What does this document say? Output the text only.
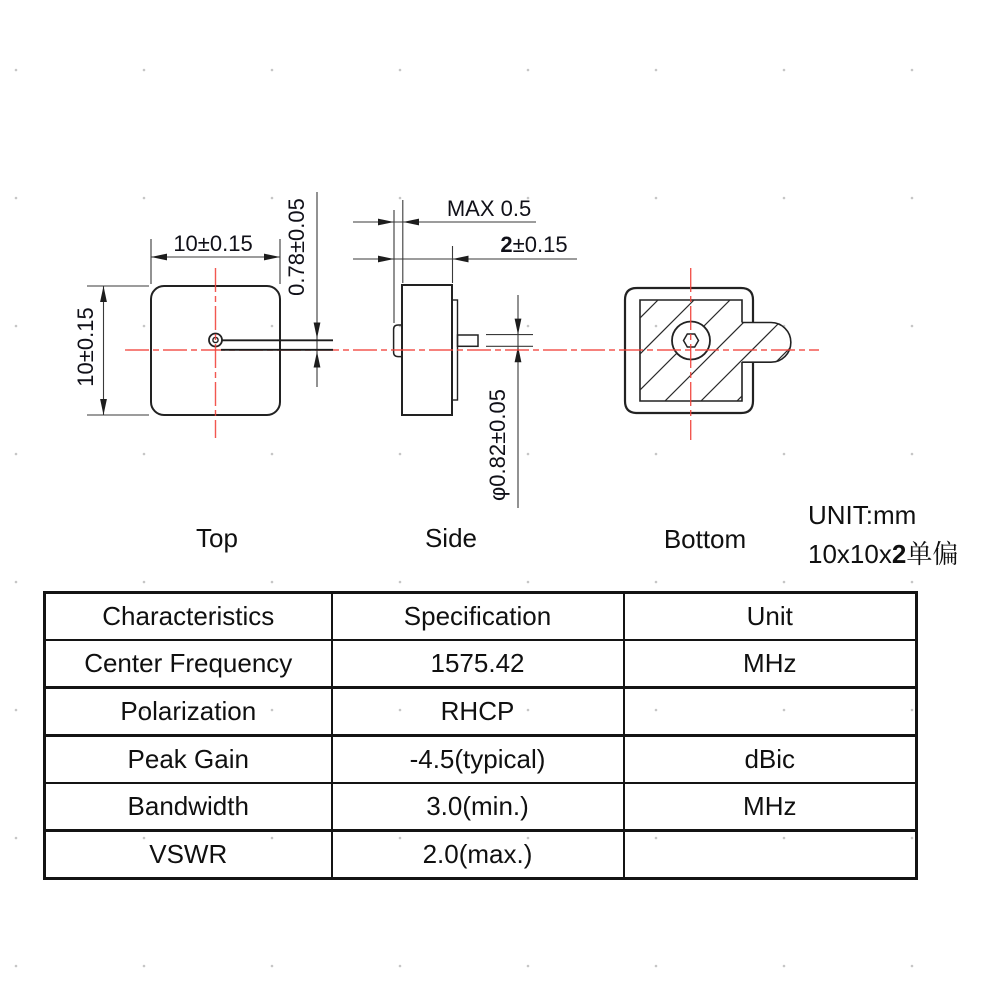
10±0.15
10±0.15
0.78±0.05	MAX 0.5
2±0.15
φ0.82±0.05
Top	Side	Bottom
UNIT:mm
10x10x2单偏
Characteristics	Specification	Unit
Center Frequency	1575.42	MHz
Polarization	RHCP	
Peak Gain	-4.5(typical)	dBic
Bandwidth	3.0(min.)	MHz
VSWR	2.0(max.)	
